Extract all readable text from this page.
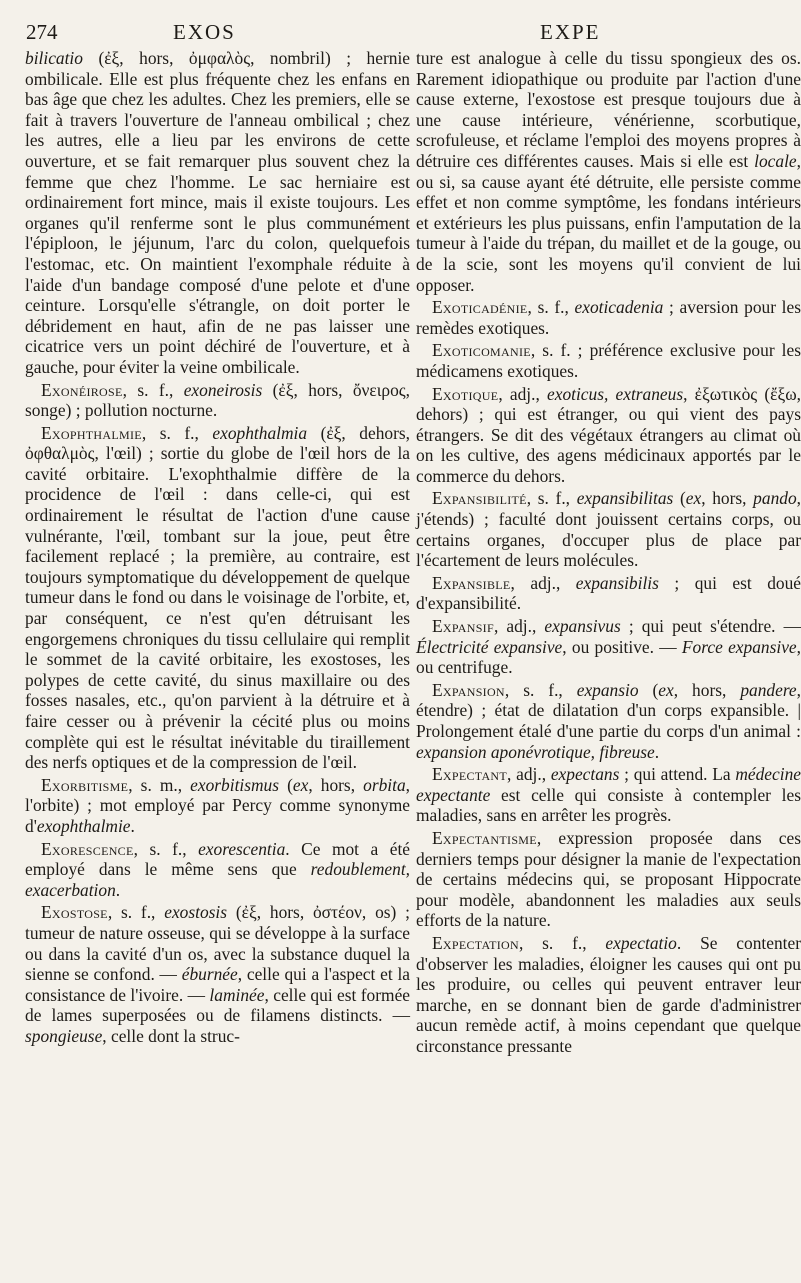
274	EXOS	EXPE

bilicatio (ἐξ, hors, ὀμφαλὸς, nombril) ; hernie ombilicale. Elle est plus fréquente chez les enfans en bas âge que chez les adultes. Chez les premiers, elle se fait à travers l'ouverture de l'anneau ombilical ; chez les autres, elle a lieu par les environs de cette ouverture, et se fait remarquer plus souvent chez la femme que chez l'homme. Le sac herniaire est ordinairement fort mince, mais il existe toujours. Les organes qu'il renferme sont le plus communément l'épiploon, le jéjunum, l'arc du colon, quelquefois l'estomac, etc. On maintient l'exomphale réduite à l'aide d'un bandage composé d'une pelote et d'une ceinture. Lorsqu'elle s'étrangle, on doit porter le débridement en haut, afin de ne pas laisser une cicatrice vers un point déchiré de l'ouverture, et à gauche, pour éviter la veine ombilicale.

Exonéirose, s. f., exoneirosis (ἐξ, hors, ὄνειρος, songe) ; pollution nocturne.

Exophthalmie, s. f., exophthalmia (ἐξ, dehors, ὀφθαλμὸς, l'œil) ; sortie du globe de l'œil hors de la cavité orbitaire. L'exophthalmie diffère de la procidence de l'œil : dans celle-ci, qui est ordinairement le résultat de l'action d'une cause vulnérante, l'œil, tombant sur la joue, peut être facilement replacé ; la première, au contraire, est toujours symptomatique du développement de quelque tumeur dans le fond ou dans le voisinage de l'orbite, et, par conséquent, ce n'est qu'en détruisant les engorgemens chroniques du tissu cellulaire qui remplit le sommet de la cavité orbitaire, les exostoses, les polypes de cette cavité, du sinus maxillaire ou des fosses nasales, etc., qu'on parvient à la détruire et à faire cesser ou à prévenir la cécité plus ou moins complète qui est le résultat inévitable du tiraillement des nerfs optiques et de la compression de l'œil.

Exorbitisme, s. m., exorbitismus (ex, hors, orbita, l'orbite) ; mot employé par Percy comme synonyme d'exophthalmie.

Exorescence, s. f., exorescentia. Ce mot a été employé dans le même sens que redoublement, exacerbation.

Exostose, s. f., exostosis (ἐξ, hors, ὀστέον, os) ; tumeur de nature osseuse, qui se développe à la surface ou dans la cavité d'un os, avec la substance duquel la sienne se confond. — éburnée, celle qui a l'aspect et la consistance de l'ivoire. — laminée, celle qui est formée de lames superposées ou de filamens distincts. — spongieuse, celle dont la struc-

ture est analogue à celle du tissu spongieux des os. Rarement idiopathique ou produite par l'action d'une cause externe, l'exostose est presque toujours due à une cause intérieure, vénérienne, scorbutique, scrofuleuse, et réclame l'emploi des moyens propres à détruire ces différentes causes. Mais si elle est locale, ou si, sa cause ayant été détruite, elle persiste comme effet et non comme symptôme, les fondans intérieurs et extérieurs les plus puissans, enfin l'amputation de la tumeur à l'aide du trépan, du maillet et de la gouge, ou de la scie, sont les moyens qu'il convient de lui opposer.

Exoticadénie, s. f., exoticadenia ; aversion pour les remèdes exotiques.

Exoticomanie, s. f. ; préférence exclusive pour les médicamens exotiques.

Exotique, adj., exoticus, extraneus, ἐξωτικὸς (ἔξω, dehors) ; qui est étranger, ou qui vient des pays étrangers. Se dit des végétaux étrangers au climat où on les cultive, des agens médicinaux apportés par le commerce du dehors.

Expansibilité, s. f., expansibilitas (ex, hors, pando, j'étends) ; faculté dont jouissent certains corps, ou certains organes, d'occuper plus de place par l'écartement de leurs molécules.

Expansible, adj., expansibilis ; qui est doué d'expansibilité.

Expansif, adj., expansivus ; qui peut s'étendre. — Électricité expansive, ou positive. — Force expansive, ou centrifuge.

Expansion, s. f., expansio (ex, hors, pandere, étendre) ; état de dilatation d'un corps expansible. | Prolongement étalé d'une partie du corps d'un animal : expansion aponévrotique, fibreuse.

Expectant, adj., expectans ; qui attend. La médecine expectante est celle qui consiste à contempler les maladies, sans en arrêter les progrès.

Expectantisme, expression proposée dans ces derniers temps pour désigner la manie de l'expectation de certains médecins qui, se proposant Hippocrate pour modèle, abandonnent les maladies aux seuls efforts de la nature.

Expectation, s. f., expectatio. Se contenter d'observer les maladies, éloigner les causes qui ont pu les produire, ou celles qui peuvent entraver leur marche, en se donnant bien de garde d'administrer aucun remède actif, à moins cependant que quelque circonstance pressante
